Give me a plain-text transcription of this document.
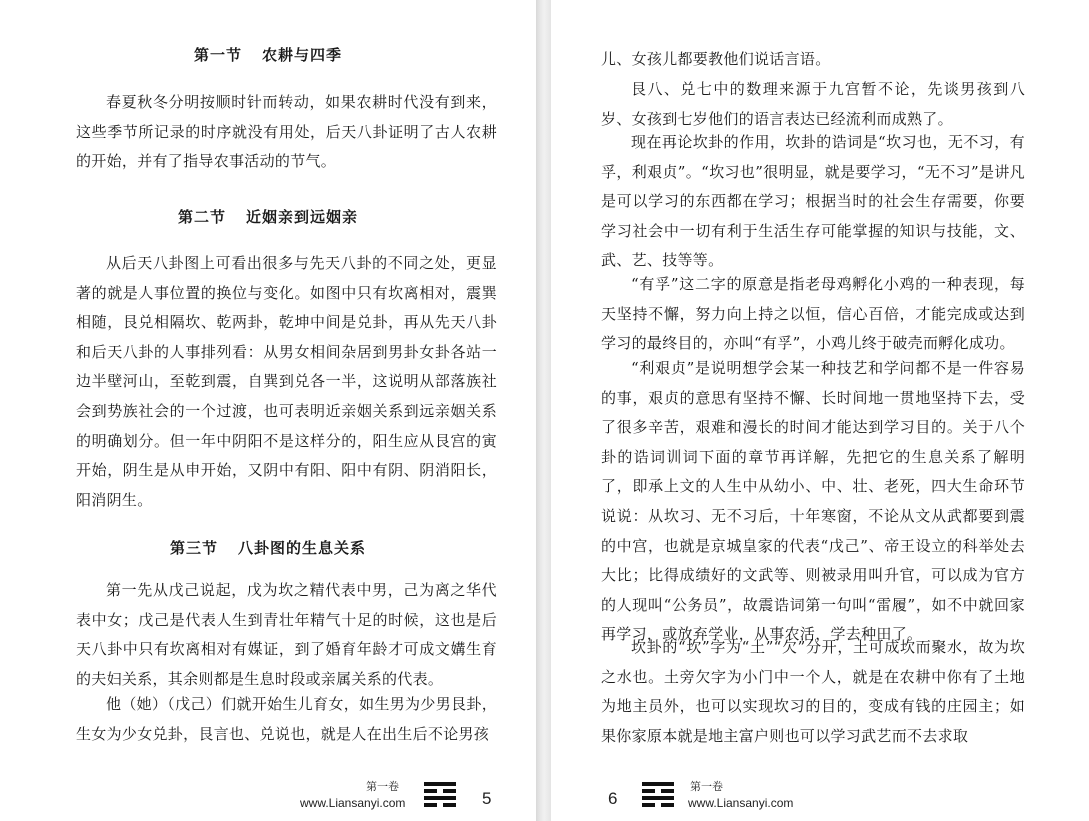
第一节 农耕与四季

春夏秋冬分明按顺时针而转动，如果农耕时代没有到来，这些季节所记录的时序就没有用处，后天八卦证明了古人农耕的开始，并有了指导农事活动的节气。

第二节 近姻亲到远姻亲

从后天八卦图上可看出很多与先天八卦的不同之处，更显著的就是人事位置的换位与变化。如图中只有坎离相对，震巽相随，艮兑相隔坎、乾两卦，乾坤中间是兑卦，再从先天八卦和后天八卦的人事排列看：从男女相间杂居到男卦女卦各站一边半壁河山，至乾到震，自巽到兑各一半，这说明从部落族社会到势族社会的一个过渡，也可表明近亲姻关系到远亲姻关系的明确划分。但一年中阴阳不是这样分的，阳生应从艮宫的寅开始，阴生是从申开始，又阴中有阳、阳中有阴、阴消阳长，阳消阴生。

第三节 八卦图的生息关系

第一先从戊己说起，戊为坎之精代表中男，己为离之华代表中女；戊己是代表人生到青壮年精气十足的时候，这也是后天八卦中只有坎离相对有媒证，到了婚育年龄才可成文媾生育的夫妇关系，其余则都是生息时段或亲属关系的代表。

他（她）（戊己）们就开始生儿育女，如生男为少男艮卦，生女为少女兑卦，艮言也、兑说也，就是人在出生后不论男孩

第一卷
www.Liansanyi.com	5

儿、女孩儿都要教他们说话言语。

艮八、兑七中的数理来源于九宫暂不论，先谈男孩到八岁、女孩到七岁他们的语言表达已经流利而成熟了。

现在再论坎卦的作用，坎卦的诰词是“坎习也，无不习，有孚，利艰贞”。“坎习也”很明显，就是要学习，“无不习”是讲凡是可以学习的东西都在学习；根据当时的社会生存需要，你要学习社会中一切有利于生活生存可能掌握的知识与技能，文、武、艺、技等等。

“有孚”这二字的原意是指老母鸡孵化小鸡的一种表现，每天坚持不懈，努力向上持之以恒，信心百倍，才能完成或达到学习的最终目的，亦叫“有孚”，小鸡儿终于破壳而孵化成功。

“利艰贞”是说明想学会某一种技艺和学问都不是一件容易的事，艰贞的意思有坚持不懈、长时间地一贯地坚持下去，受了很多辛苦，艰难和漫长的时间才能达到学习目的。关于八个卦的诰词训词下面的章节再详解，先把它的生息关系了解明了，即承上文的人生中从幼小、中、壮、老死，四大生命环节说说：从坎习、无不习后，十年寒窗，不论从文从武都要到震的中宫，也就是京城皇家的代表“戊己”、帝王设立的科举处去大比；比得成绩好的文武等、则被录用叫升官，可以成为官方的人现叫“公务员”，故震诰词第一句叫“雷履”，如不中就回家再学习，或放弃学业，从事农活，学去种田了。

坎卦的“坎”字为“土”“欠”分开，土可成坎而聚水，故为坎之水也。土旁欠字为小门中一个人，就是在农耕中你有了土地为地主员外，也可以实现坎习的目的，变成有钱的庄园主；如果你家原本就是地主富户则也可以学习武艺而不去求取

6
第一卷
www.Liansanyi.com
